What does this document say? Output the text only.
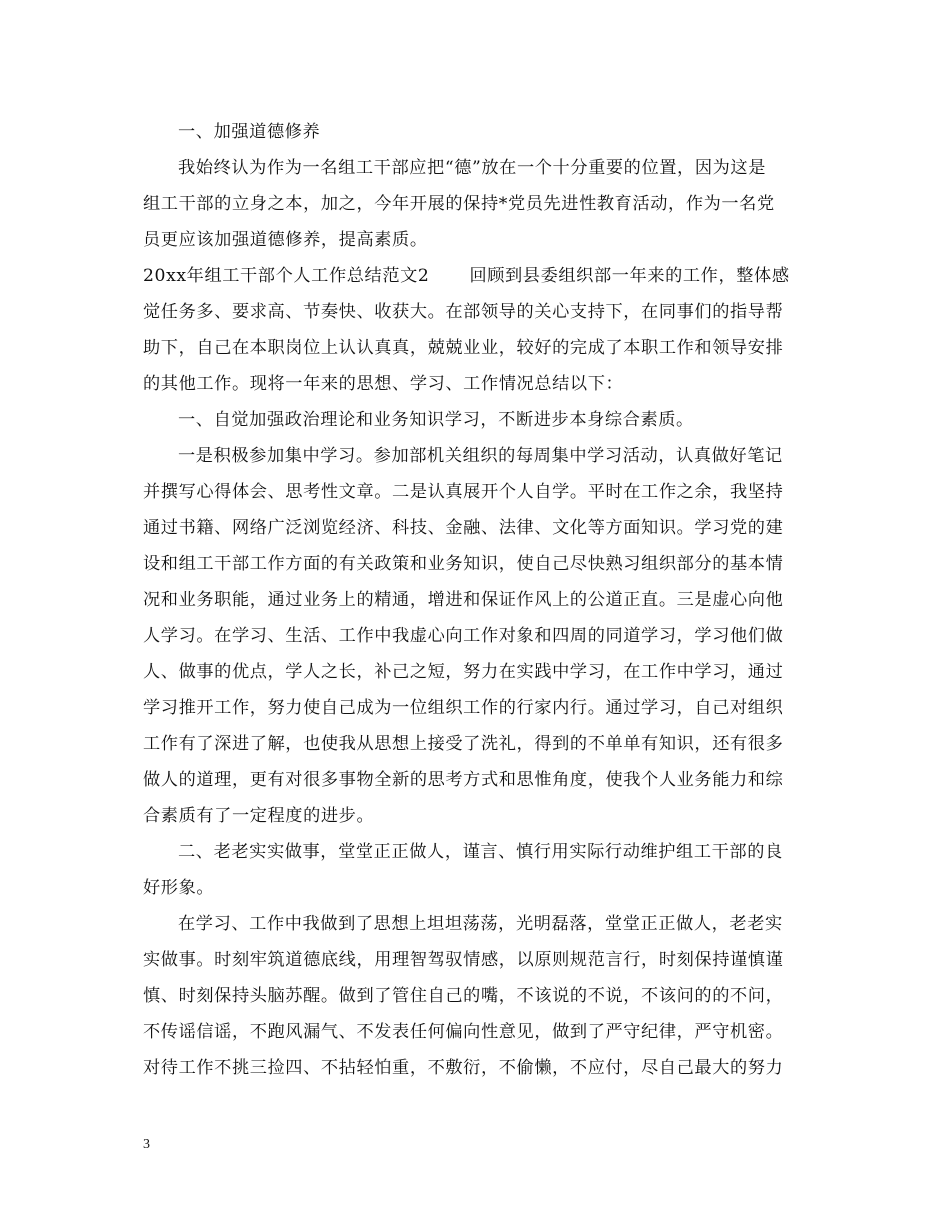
一、加强道德修养
我始终认为作为一名组工干部应把“德”放在一个十分重要的位置，因为这是
组工干部的立身之本，加之，今年开展的保持*党员先进性教育活动，作为一名党
员更应该加强道德修养，提高素质。
20xx年组工干部个人工作总结范文2 回顾到县委组织部一年来的工作，整体感
觉任务多、要求高、节奏快、收获大。在部领导的关心支持下，在同事们的指导帮
助下，自己在本职岗位上认认真真，兢兢业业，较好的完成了本职工作和领导安排
的其他工作。现将一年来的思想、学习、工作情况总结以下：
一、自觉加强政治理论和业务知识学习，不断进步本身综合素质。
一是积极参加集中学习。参加部机关组织的每周集中学习活动，认真做好笔记
并撰写心得体会、思考性文章。二是认真展开个人自学。平时在工作之余，我坚持
通过书籍、网络广泛浏览经济、科技、金融、法律、文化等方面知识。学习党的建
设和组工干部工作方面的有关政策和业务知识，使自己尽快熟习组织部分的基本情
况和业务职能，通过业务上的精通，增进和保证作风上的公道正直。三是虚心向他
人学习。在学习、生活、工作中我虚心向工作对象和四周的同道学习，学习他们做
人、做事的优点，学人之长，补己之短，努力在实践中学习，在工作中学习，通过
学习推开工作，努力使自己成为一位组织工作的行家内行。通过学习，自己对组织
工作有了深进了解，也使我从思想上接受了洗礼，得到的不单单有知识，还有很多
做人的道理，更有对很多事物全新的思考方式和思惟角度，使我个人业务能力和综
合素质有了一定程度的进步。
二、老老实实做事，堂堂正正做人，谨言、慎行用实际行动维护组工干部的良
好形象。
在学习、工作中我做到了思想上坦坦荡荡，光明磊落，堂堂正正做人，老老实
实做事。时刻牢筑道德底线，用理智驾驭情感，以原则规范言行，时刻保持谨慎谨
慎、时刻保持头脑苏醒。做到了管住自己的嘴，不该说的不说，不该问的的不问，
不传谣信谣，不跑风漏气、不发表任何偏向性意见，做到了严守纪律，严守机密。
对待工作不挑三捡四、不拈轻怕重，不敷衍，不偷懒，不应付，尽自己最大的努力
3
